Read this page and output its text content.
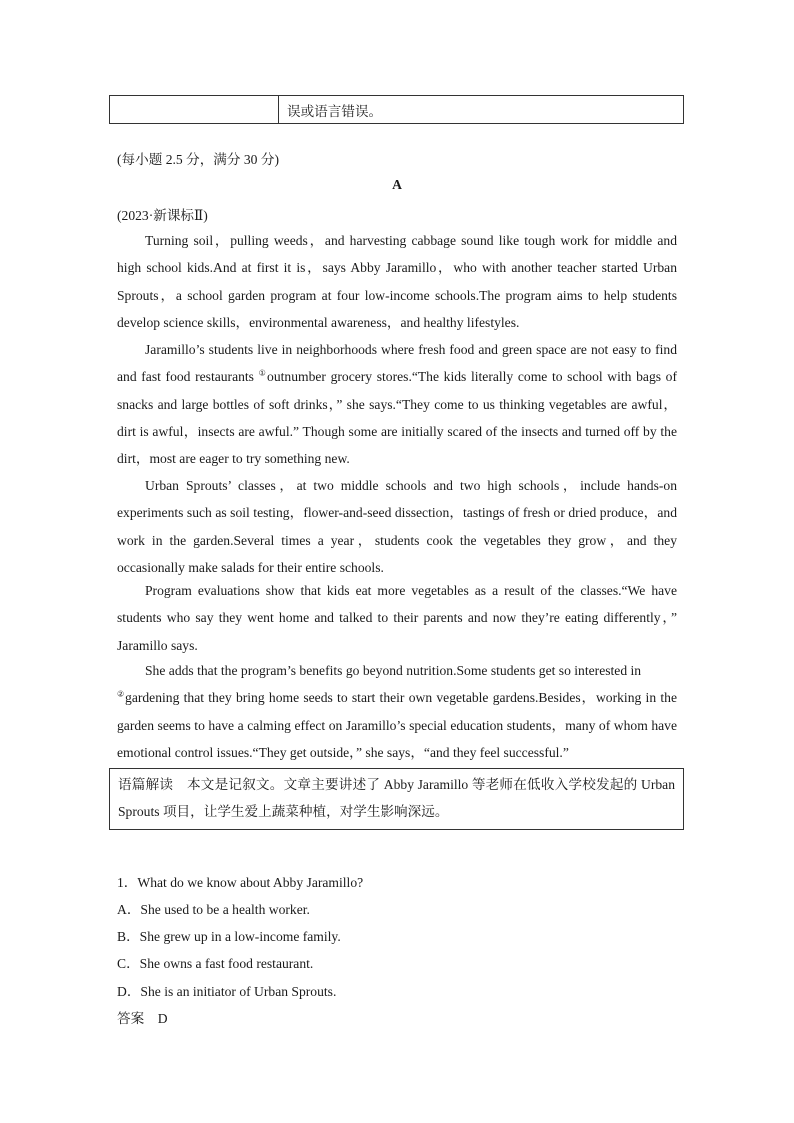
误或语言错误。
(每小题 2.5 分，满分 30 分)
A
(2023·新课标Ⅱ)
Turning soil，pulling weeds，and harvesting cabbage sound like tough work for middle and high school kids.And at first it is，says Abby Jaramillo，who with another teacher started Urban Sprouts，a school garden program at four low-income schools.The program aims to help students develop science skills，environmental awareness，and healthy lifestyles.
Jaramillo’s students live in neighborhoods where fresh food and green space are not easy to find and fast food restaurants ①outnumber grocery stores.“The kids literally come to school with bags of snacks and large bottles of soft drinks，” she says.“They come to us thinking vegetables are awful，dirt is awful，insects are awful.” Though some are initially scared of the insects and turned off by the dirt，most are eager to try something new.
Urban Sprouts’ classes，at two middle schools and two high schools，include hands-on experiments such as soil testing，flower-and-seed dissection，tastings of fresh or dried produce，and work in the garden.Several times a year，students cook the vegetables they grow，and they occasionally make salads for their entire schools.
Program evaluations show that kids eat more vegetables as a result of the classes.“We have students who say they went home and talked to their parents and now they’re eating differently，” Jaramillo says.
She adds that the program’s benefits go beyond nutrition.Some students get so interested in
②gardening that they bring home seeds to start their own vegetable gardens.Besides，working in the garden seems to have a calming effect on Jaramillo’s special education students，many of whom have emotional control issues.“They get outside，” she says，“and they feel successful.”
语篇解读　本文是记叙文。文章主要讲述了 Abby Jaramillo 等老师在低收入学校发起的 Urban Sprouts 项目，让学生爱上蔬菜种植，对学生影响深远。
1．What do we know about Abby Jaramillo?
A．She used to be a health worker.
B．She grew up in a low-income family.
C．She owns a fast food restaurant.
D．She is an initiator of Urban Sprouts.
答案　D
